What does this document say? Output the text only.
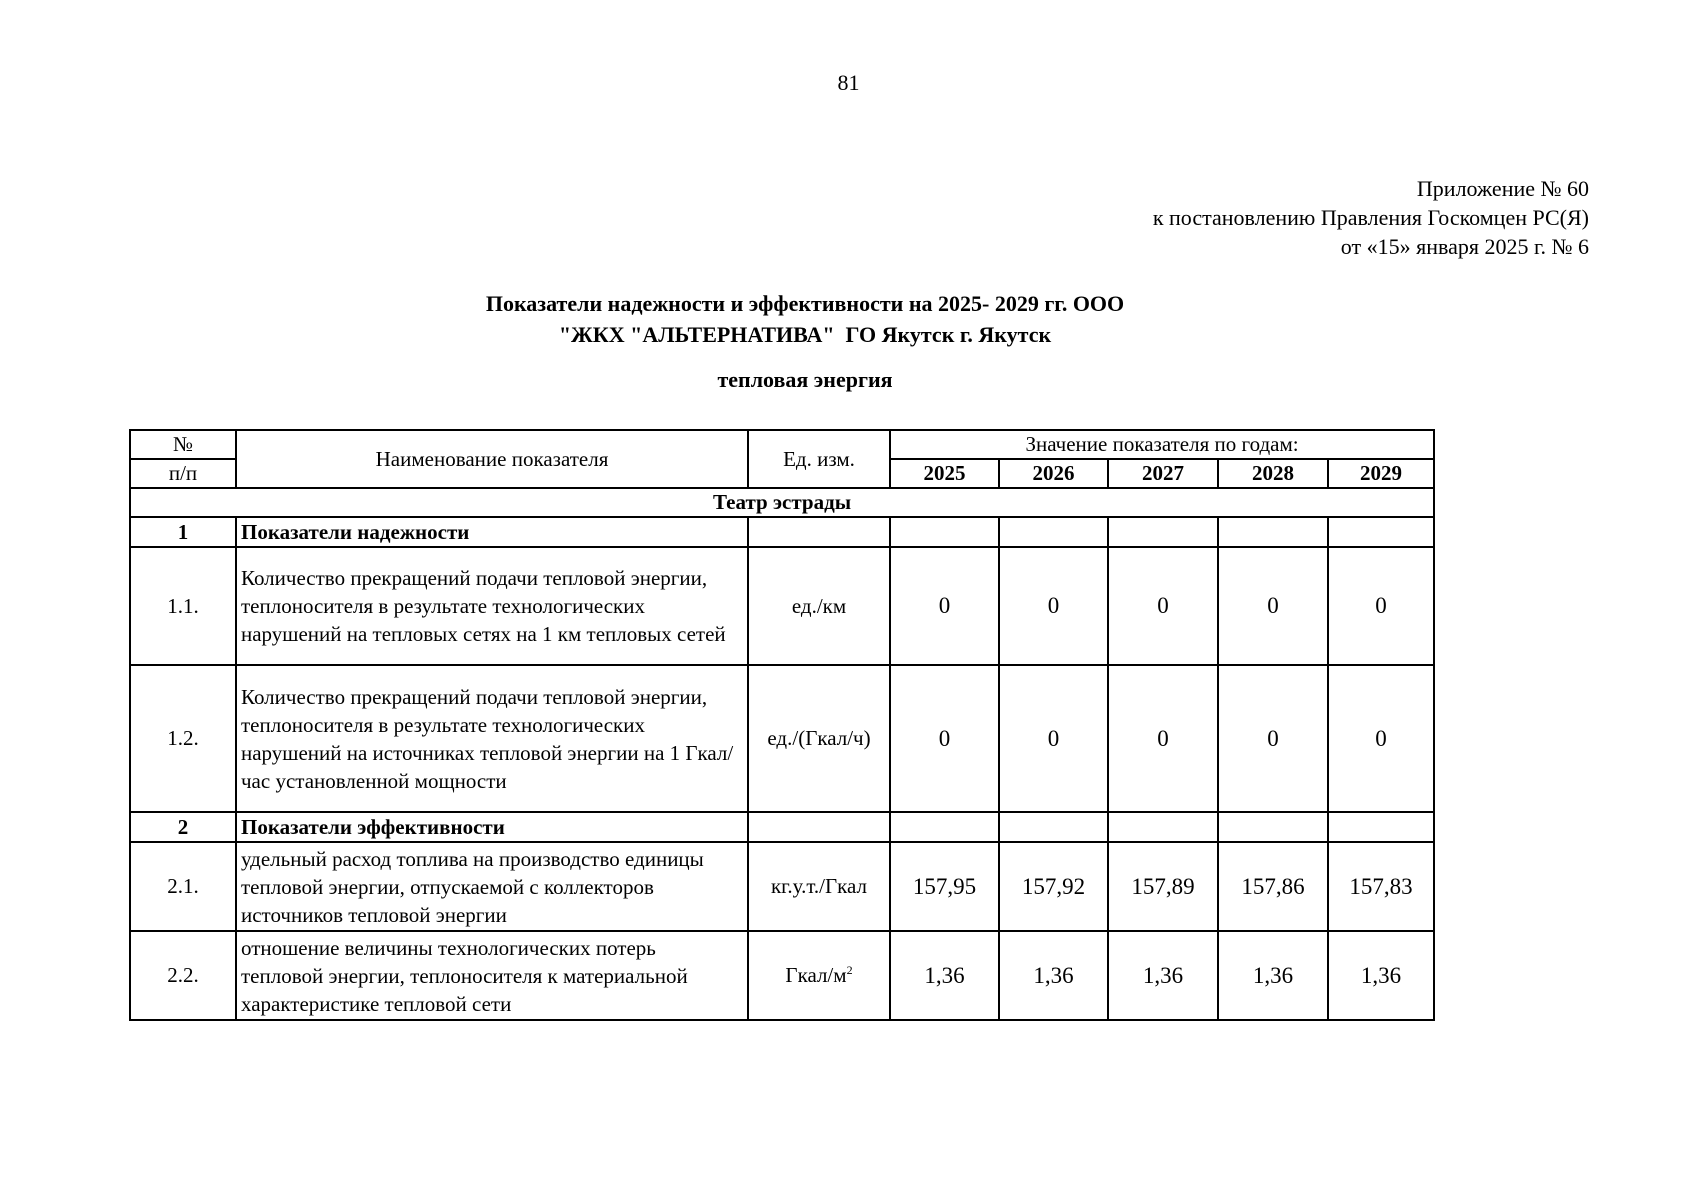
81
Приложение № 60
к постановлению Правления Госкомцен РС(Я)
от «15» января 2025 г. № 6
Показатели надежности и эффективности на 2025- 2029 гг. ООО
"ЖКХ "АЛЬТЕРНАТИВА"  ГО Якутск г. Якутск
тепловая энергия
№	Наименование показателя	Ед. изм.	Значение показателя по годам:				
п/п			2025	2026	2027	2028	2029
Театр эстрады							
1	Показатели надежности						
1.1.	Количество прекращений подачи тепловой энергии, теплоносителя в результате технологических нарушений на тепловых сетях на 1 км тепловых сетей	ед./км	0	0	0	0	0
1.2.	Количество прекращений подачи тепловой энергии, теплоносителя в результате технологических нарушений на источниках тепловой энергии на 1 Гкал/час установленной мощности	ед./(Гкал/ч)	0	0	0	0	0
2	Показатели эффективности						
2.1.	удельный расход топлива на производство единицы тепловой энергии, отпускаемой с коллекторов источников тепловой энергии	кг.у.т./Гкал	157,95	157,92	157,89	157,86	157,83
2.2.	отношение величины технологических потерь тепловой энергии, теплоносителя к материальной характеристике тепловой сети	Гкал/$м^2$	1,36	1,36	1,36	1,36	1,36
